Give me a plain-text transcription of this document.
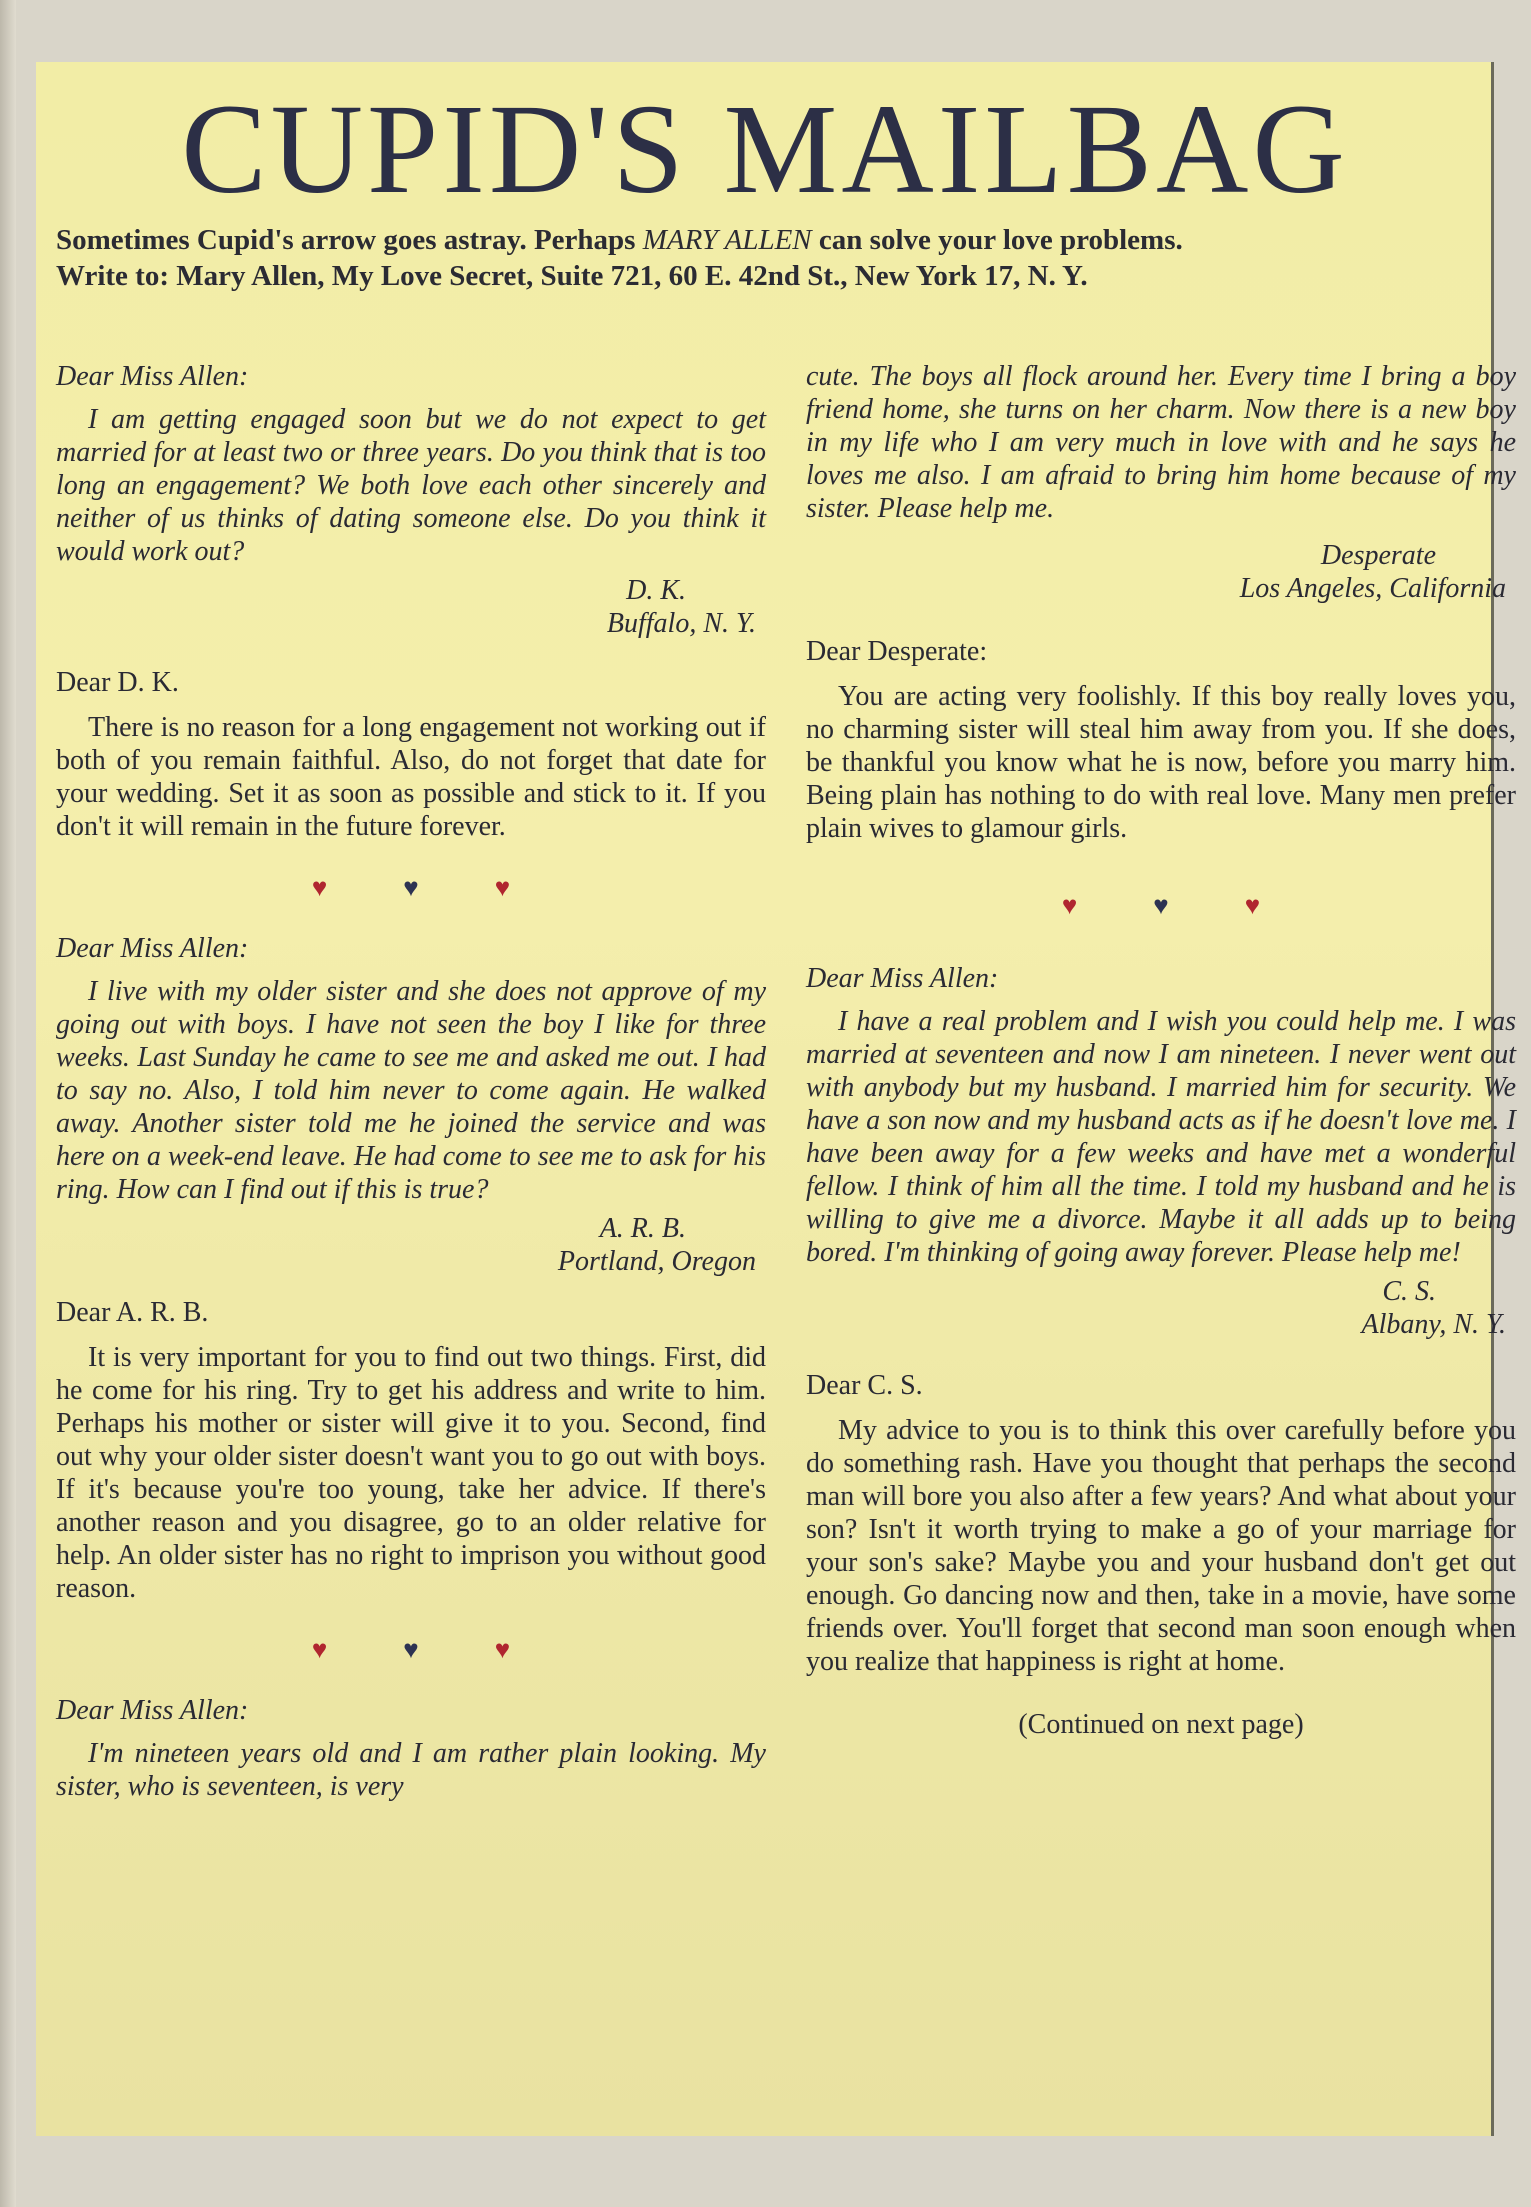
CUPID'S MAILBAG
Sometimes Cupid's arrow goes astray. Perhaps MARY ALLEN can solve your love problems.
Write to: Mary Allen, My Love Secret, Suite 721, 60 E. 42nd St., New York 17, N. Y.
Dear Miss Allen:

I am getting engaged soon but we do not expect to get married for at least two or three years. Do you think that is too long an engagement? We both love each other sincerely and neither of us thinks of dating someone else. Do you think it would work out?

D. K.
Buffalo, N. Y.
Dear D. K.

There is no reason for a long engagement not working out if both of you remain faithful. Also, do not forget that date for your wedding. Set it as soon as possible and stick to it. If you don't it will remain in the future forever.

♥	♥	♥
Dear Miss Allen:

I live with my older sister and she does not approve of my going out with boys. I have not seen the boy I like for three weeks. Last Sunday he came to see me and asked me out. I had to say no. Also, I told him never to come again. He walked away. Another sister told me he joined the service and was here on a week-end leave. He had come to see me to ask for his ring. How can I find out if this is true?

A. R. B.
Portland, Oregon
Dear A. R. B.

It is very important for you to find out two things. First, did he come for his ring. Try to get his address and write to him. Perhaps his mother or sister will give it to you. Second, find out why your older sister doesn't want you to go out with boys. If it's because you're too young, take her advice. If there's another reason and you disagree, go to an older relative for help. An older sister has no right to imprison you without good reason.

♥	♥	♥
Dear Miss Allen:

I'm nineteen years old and I am rather plain looking. My sister, who is seventeen, is very

cute. The boys all flock around her. Every time I bring a boy friend home, she turns on her charm. Now there is a new boy in my life who I am very much in love with and he says he loves me also. I am afraid to bring him home because of my sister. Please help me.

Desperate
Los Angeles, California
Dear Desperate:

You are acting very foolishly. If this boy really loves you, no charming sister will steal him away from you. If she does, be thankful you know what he is now, before you marry him. Being plain has nothing to do with real love. Many men prefer plain wives to glamour girls.

♥	♥	♥
Dear Miss Allen:

I have a real problem and I wish you could help me. I was married at seventeen and now I am nineteen. I never went out with anybody but my husband. I married him for security. We have a son now and my husband acts as if he doesn't love me. I have been away for a few weeks and have met a wonderful fellow. I think of him all the time. I told my husband and he is willing to give me a divorce. Maybe it all adds up to being bored. I'm thinking of going away forever. Please help me!

C. S.
Albany, N. Y.
Dear C. S.

My advice to you is to think this over carefully before you do something rash. Have you thought that perhaps the second man will bore you also after a few years? And what about your son? Isn't it worth trying to make a go of your marriage for your son's sake? Maybe you and your husband don't get out enough. Go dancing now and then, take in a movie, have some friends over. You'll forget that second man soon enough when you realize that happiness is right at home.

(Continued on next page)
